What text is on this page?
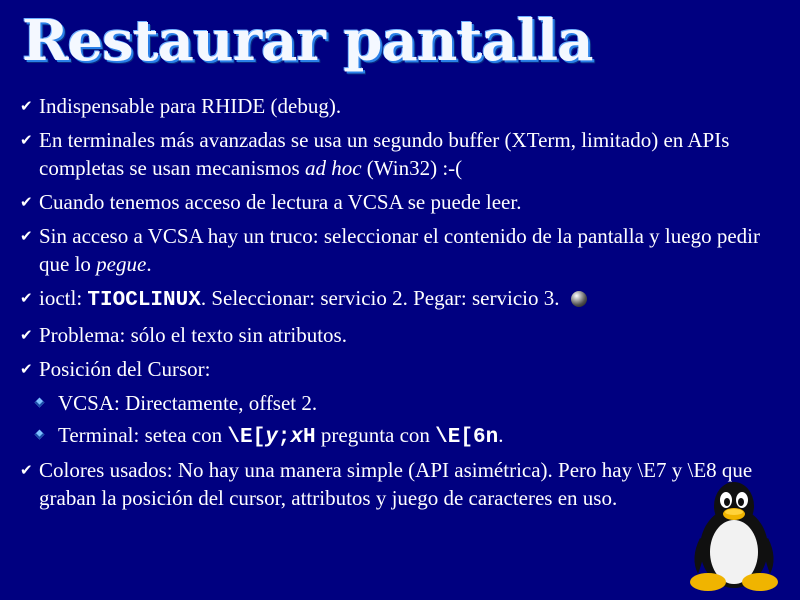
Restaurar pantalla
✔ Indispensable para RHIDE (debug).
✔ En terminales más avanzadas se usa un segundo buffer (XTerm, limitado) en APIs completas se usan mecanismos ad hoc (Win32) :-(
✔ Cuando tenemos acceso de lectura a VCSA se puede leer.
✔ Sin acceso a VCSA hay un truco: seleccionar el contenido de la pantalla y luego pedir que lo pegue.
✔ ioctl: TIOCLINUX. Seleccionar: servicio 2. Pegar: servicio 3.
✔ Problema: sólo el texto sin atributos.
✔ Posición del Cursor:
VCSA: Directamente, offset 2.
Terminal: setea con \E[y;xH pregunta con \E[6n.
✔ Colores usados: No hay una manera simple (API asimétrica). Pero hay \E7 y \E8 que graban la posición del cursor, attributos y juego de caracteres en uso.
